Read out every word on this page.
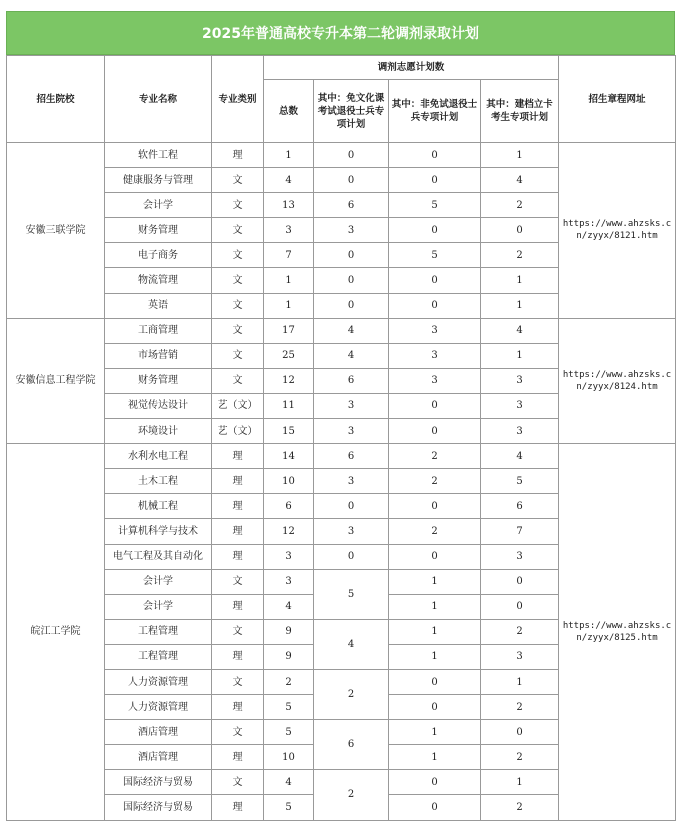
2025年普通高校专升本第二轮调剂录取计划
招生院校	专业名称	专业类别	调剂志愿计划数				招生章程网址
			总数	其中：免文化课考试退役士兵专项计划	其中：非免试退役士兵专项计划	其中：建档立卡考生专项计划	
安徽三联学院	软件工程	理	1	0	0	1	https://www.ahzsks.cn/zyyx/8121.htm
	健康服务与管理	文	4	0	0	4	
	会计学	文	13	6	5	2	
	财务管理	文	3	3	0	0	
	电子商务	文	7	0	5	2	
	物流管理	文	1	0	0	1	
	英语	文	1	0	0	1	
安徽信息工程学院	工商管理	文	17	4	3	4	https://www.ahzsks.cn/zyyx/8124.htm
	市场营销	文	25	4	3	1	
	财务管理	文	12	6	3	3	
	视觉传达设计	艺（文）	11	3	0	3	
	环境设计	艺（文）	15	3	0	3	
皖江工学院	水利水电工程	理	14	6	2	4	https://www.ahzsks.cn/zyyx/8125.htm
	土木工程	理	10	3	2	5	
	机械工程	理	6	0	0	6	
	计算机科学与技术	理	12	3	2	7	
	电气工程及其自动化	理	3	0	0	3	
	会计学	文	3	5	1	0	
	会计学	理	4		1	0	
	工程管理	文	9	4	1	2	
	工程管理	理	9		1	3	
	人力资源管理	文	2	2	0	1	
	人力资源管理	理	5		0	2	
	酒店管理	文	5	6	1	0	
	酒店管理	理	10		1	2	
	国际经济与贸易	文	4	2	0	1	
	国际经济与贸易	理	5		0	2	
